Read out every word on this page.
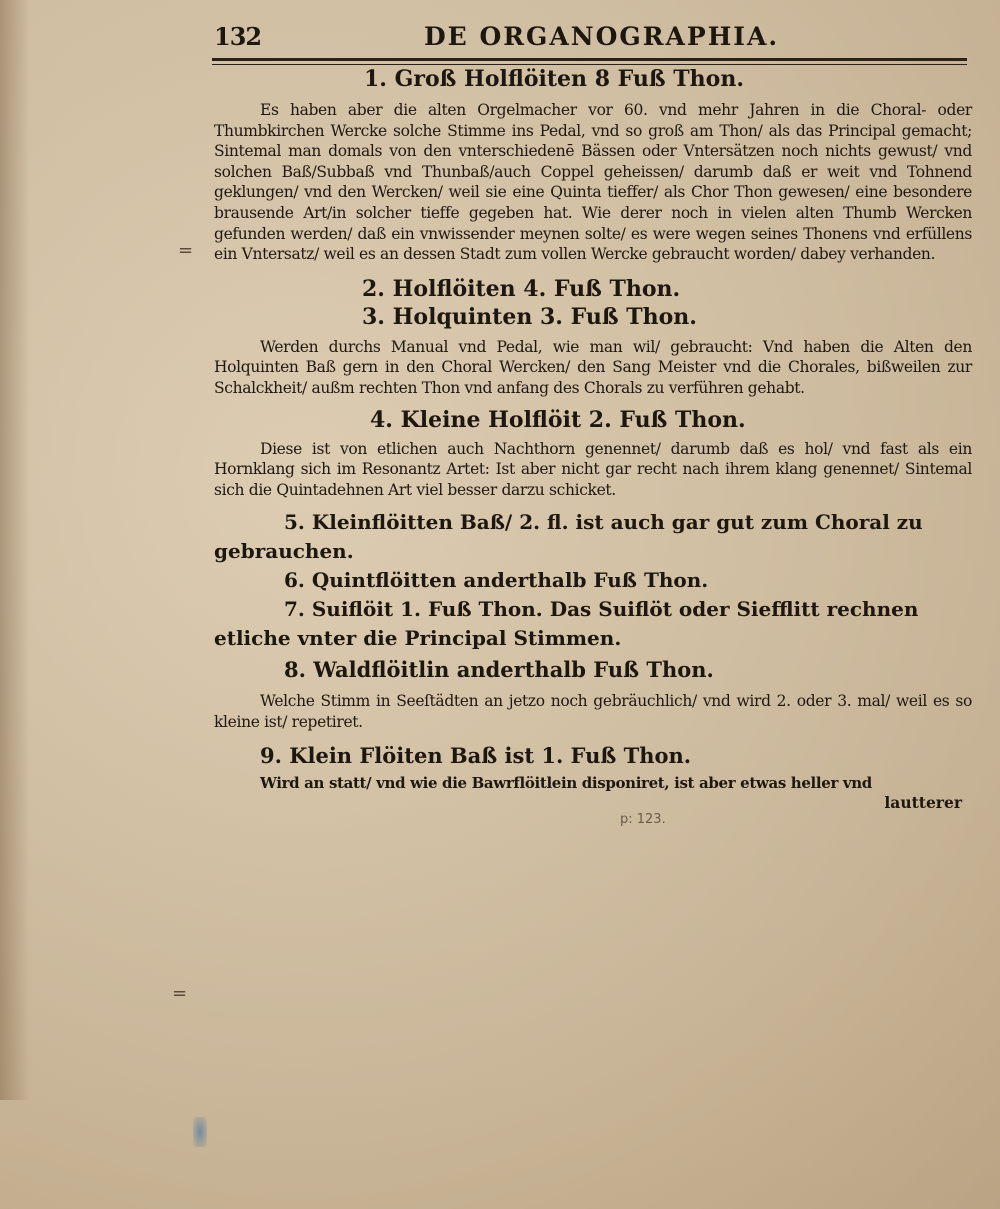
132	DE ORGANOGRAPHIA.
=
=
p: 123.
1. Groß Holflöiten 8 Fuß Thon.
Es haben aber die alten Orgelmacher vor 60. vnd mehr Jahren in die Choral- oder Thumbkirchen Wercke solche Stimme ins Pedal, vnd so groß am Thon/ als das Principal gemacht; Sintemal man domals von den vnterschiedenē Bässen oder Vntersätzen noch nichts gewust/ vnd solchen Baß/Subbaß vnd Thunbaß/auch Coppel geheissen/ darumb daß er weit vnd Tohnend geklungen/ vnd den Wercken/ weil sie eine Quinta tieffer/ als Chor Thon gewesen/ eine besondere brausende Art/in solcher tieffe gegeben hat. Wie derer noch in vielen alten Thumb Wercken gefunden werden/ daß ein vnwissender meynen solte/ es were wegen seines Thonens vnd erfüllens ein Vntersatz/ weil es an dessen Stadt zum vollen Wercke gebraucht worden/ dabey verhanden.
2. Holflöiten 4. Fuß Thon.
3. Holquinten 3. Fuß Thon.
Werden durchs Manual vnd Pedal, wie man wil/ gebraucht: Vnd haben die Alten den Holquinten Baß gern in den Choral Wercken/ den Sang Meister vnd die Chorales, bißweilen zur Schalckheit/ außm rechten Thon vnd anfang des Chorals zu verführen gehabt.
4. Kleine Holflöit 2. Fuß Thon.
Diese ist von etlichen auch Nachthorn genennet/ darumb daß es hol/ vnd fast als ein Hornklang sich im Resonantz Artet: Ist aber nicht gar recht nach ihrem klang genennet/ Sintemal sich die Quintadehnen Art viel besser darzu schicket.
5. Kleinflöitten Baß/ 2. fl. ist auch gar gut zum Choral zu gebrauchen.
6. Quintflöitten anderthalb Fuß Thon.
7. Suiflöit 1. Fuß Thon. Das Suiflöt oder Siefflitt rechnen etliche vnter die Principal Stimmen.
8. Waldflöitlin anderthalb Fuß Thon.
Welche Stimm in Seeſtädten an jetzo noch gebräuchlich/ vnd wird 2. oder 3. mal/ weil es so kleine ist/ repetiret.
9. Klein Flöiten Baß ist 1. Fuß Thon.
Wird an statt/ vnd wie die Bawrflöitlein disponiret, ist aber etwas heller vnd
lautterer
